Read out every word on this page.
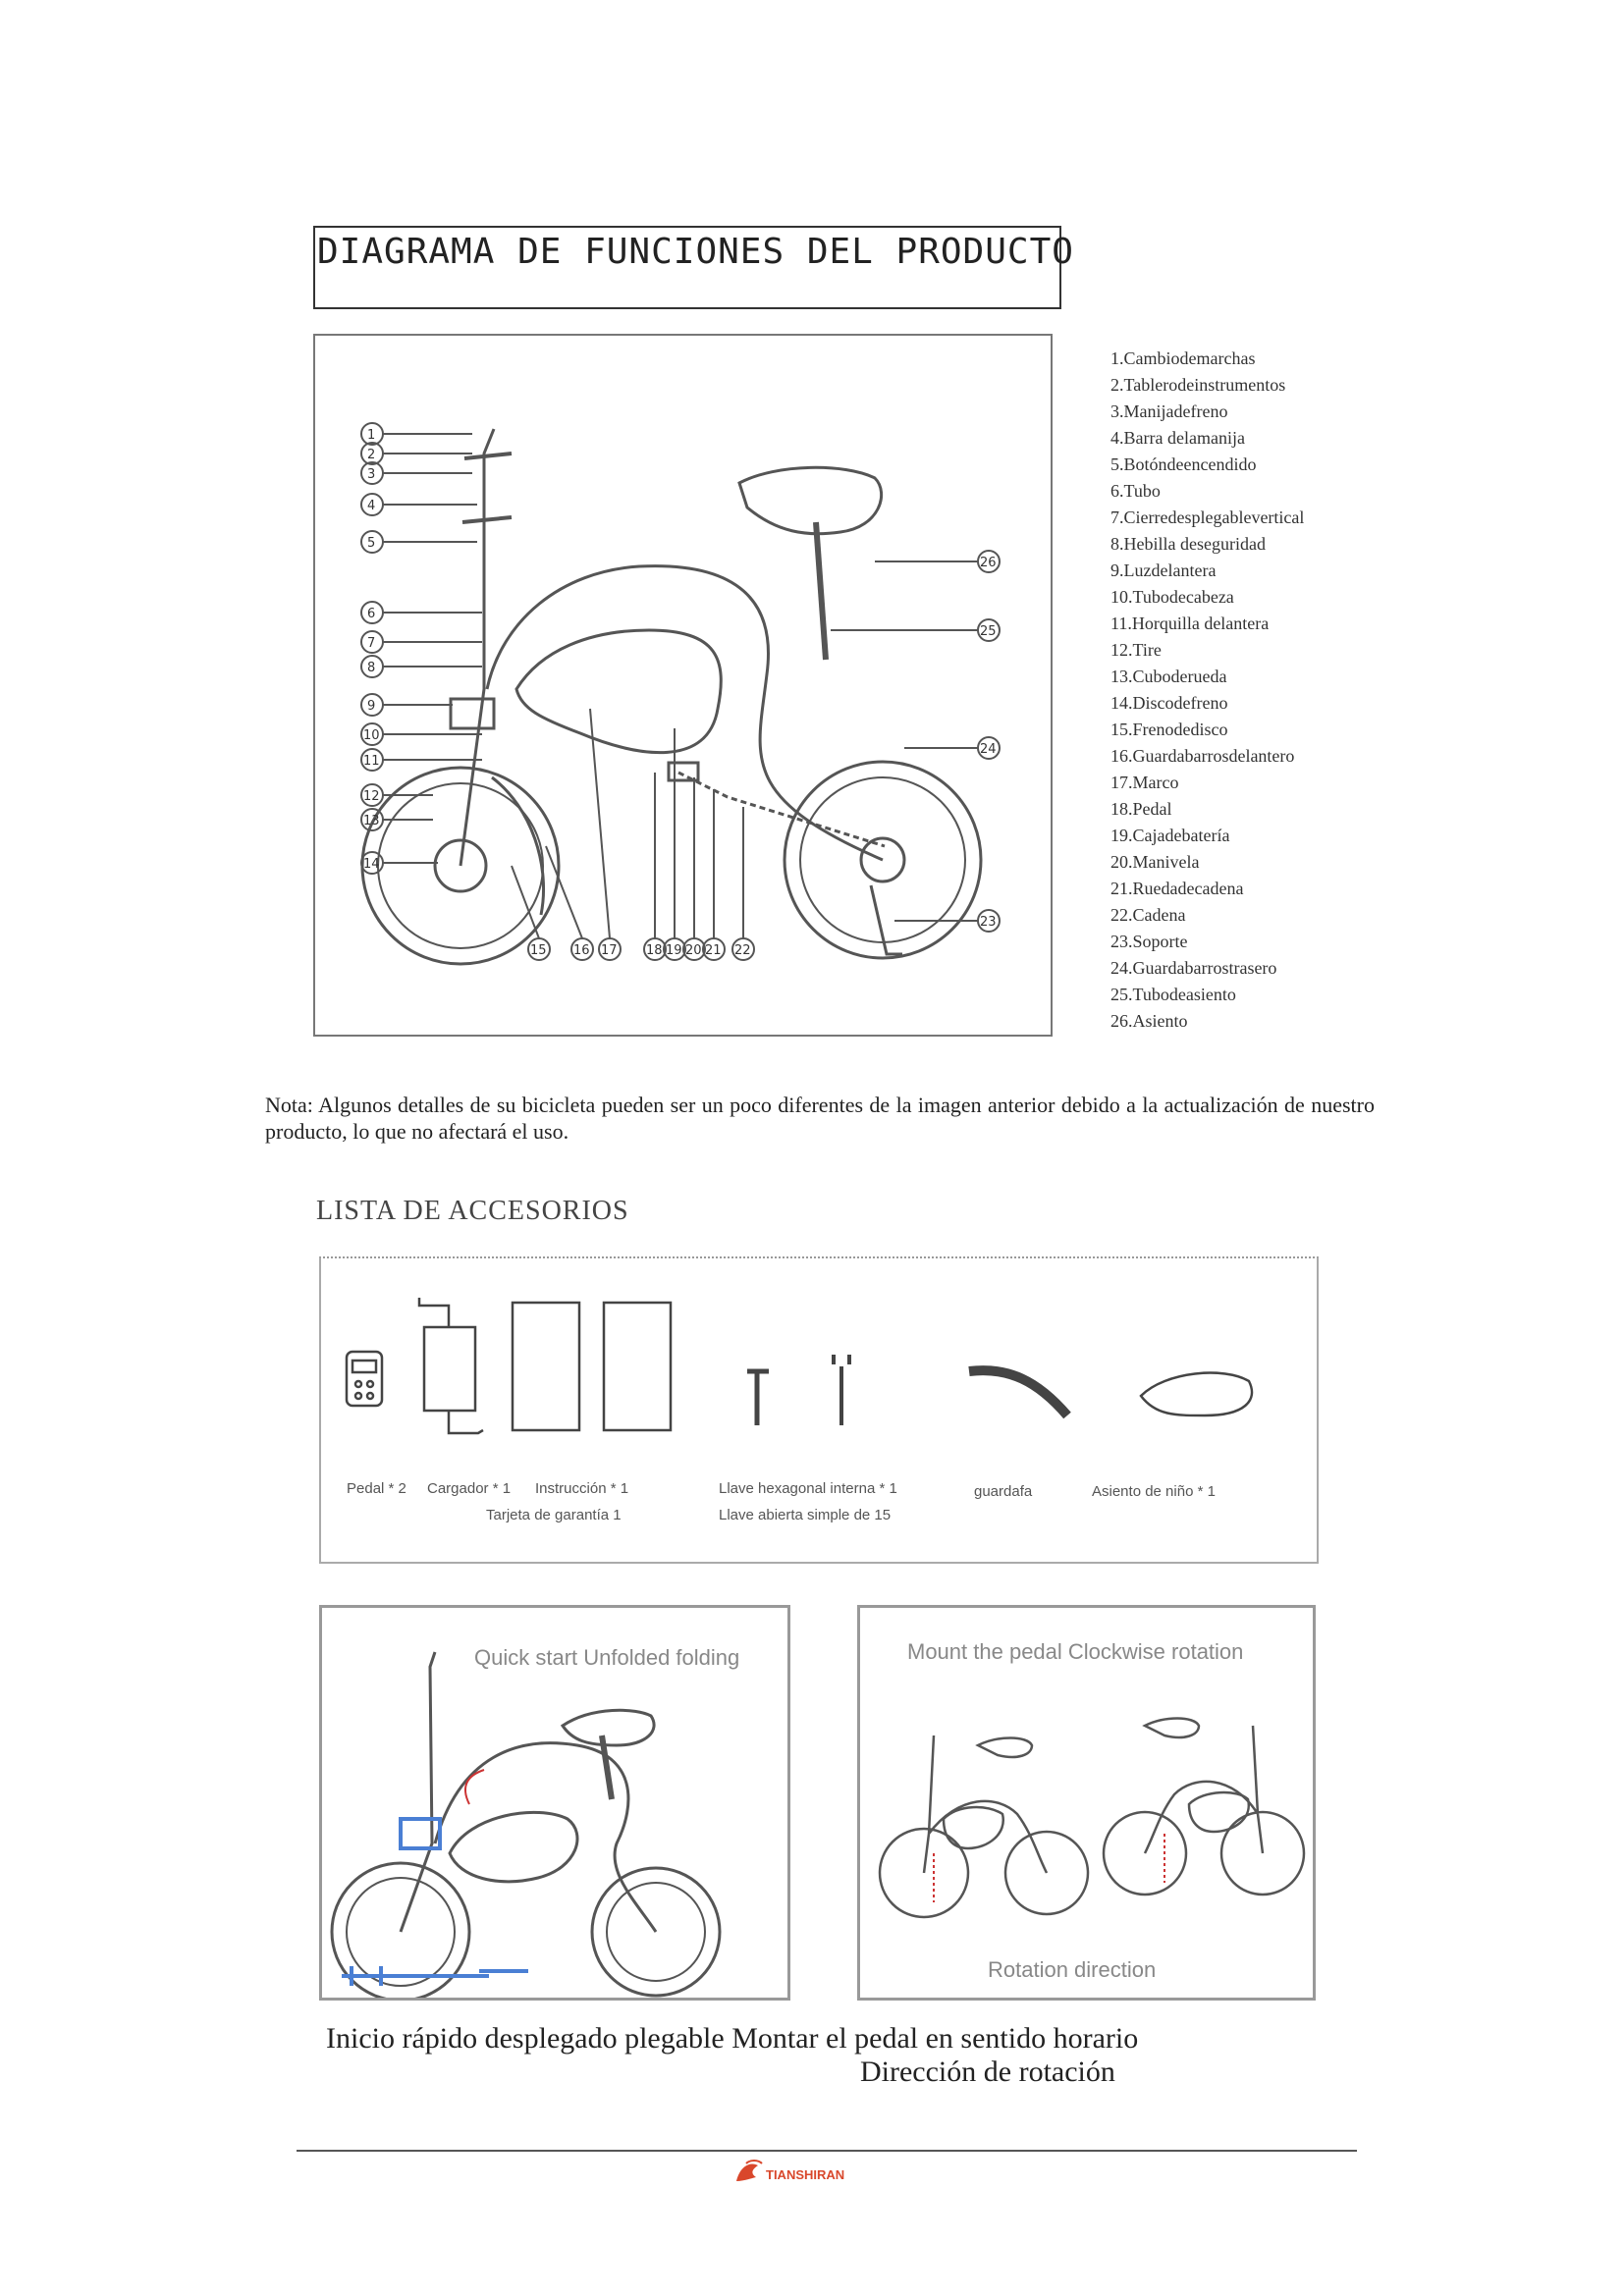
DIAGRAMA DE FUNCIONES DEL PRODUCTO
1
2
3
4
5
6
7
8
9
10
11
12
13
14
15 16 17 18 19 20 21 22
23
24
25
26
1.Cambiodemarchas
2.Tablerodeinstrumentos
3.Manijadefreno
4.Barra delamanija
5.Botóndeencendido
6.Tubo
7.Cierredesplegablevertical
8.Hebilla deseguridad
9.Luzdelantera
10.Tubodecabeza
11.Horquilla delantera
12.Tire
13.Cuboderueda
14.Discodefreno
15.Frenodedisco
16.Guardabarrosdelantero
17.Marco
18.Pedal
19.Cajadebatería
20.Manivela
21.Ruedadecadena
22.Cadena
23.Soporte
24.Guardabarrostrasero
25.Tubodeasiento
26.Asiento
Nota: Algunos detalles de su bicicleta pueden ser un poco diferentes de la imagen anterior debido a la actualización de nuestro producto, lo que no afectará el uso.
LISTA DE ACCESORIOS
Pedal * 2 Cargador * 1 Instrucción * 1
Tarjeta de garantía 1
Llave hexagonal interna * 1
Llave abierta simple de 15
guardafa	Asiento de niño * 1
Quick start Unfolded folding	Mount the pedal Clockwise rotation
Rotation direction
Inicio rápido desplegado plegable Montar el pedal en sentido horario
Dirección de rotación
TIANSHIRAN
